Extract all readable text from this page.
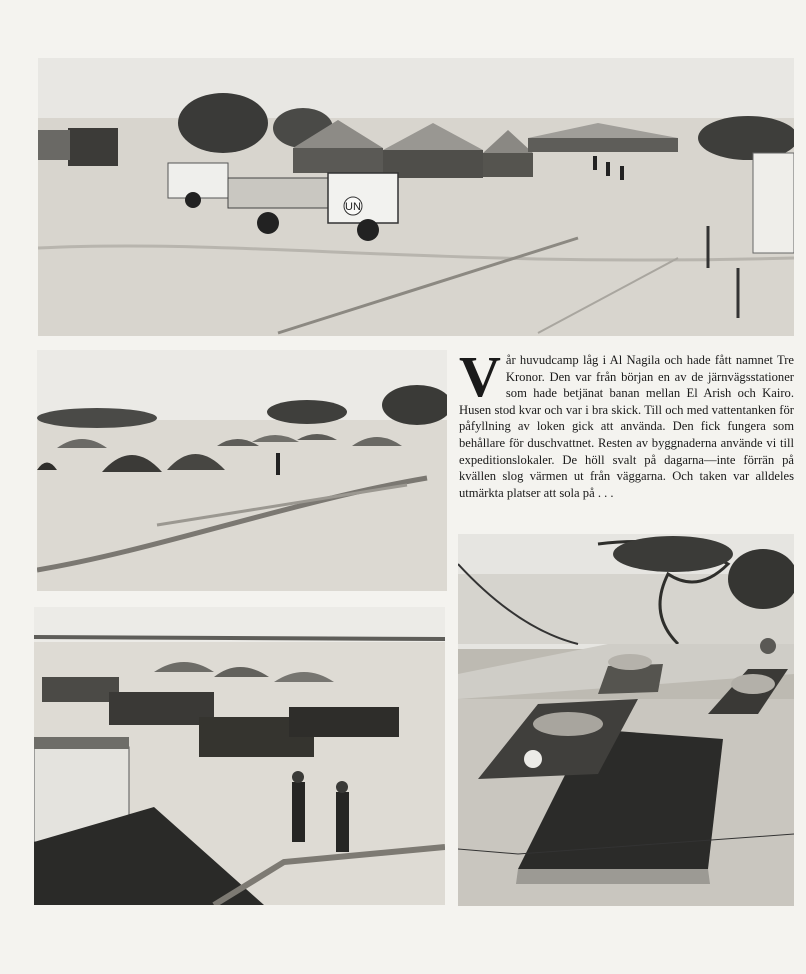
UN
Vår huvudcamp låg i Al Nagila och hade fått namnet Tre Kronor. Den var från början en av de järnvägsstationer som hade betjänat banan mellan El Arish och Kairo. Husen stod kvar och var i bra skick. Till och med vattentanken för påfyllning av loken gick att använda. Den fick fungera som behållare för duschvattnet. Resten av byggnaderna använde vi till expeditionslokaler. De höll svalt på dagarna—inte förrän på kvällen slog värmen ut från väggarna. Och taken var alldeles utmärkta platser att sola på . . .
